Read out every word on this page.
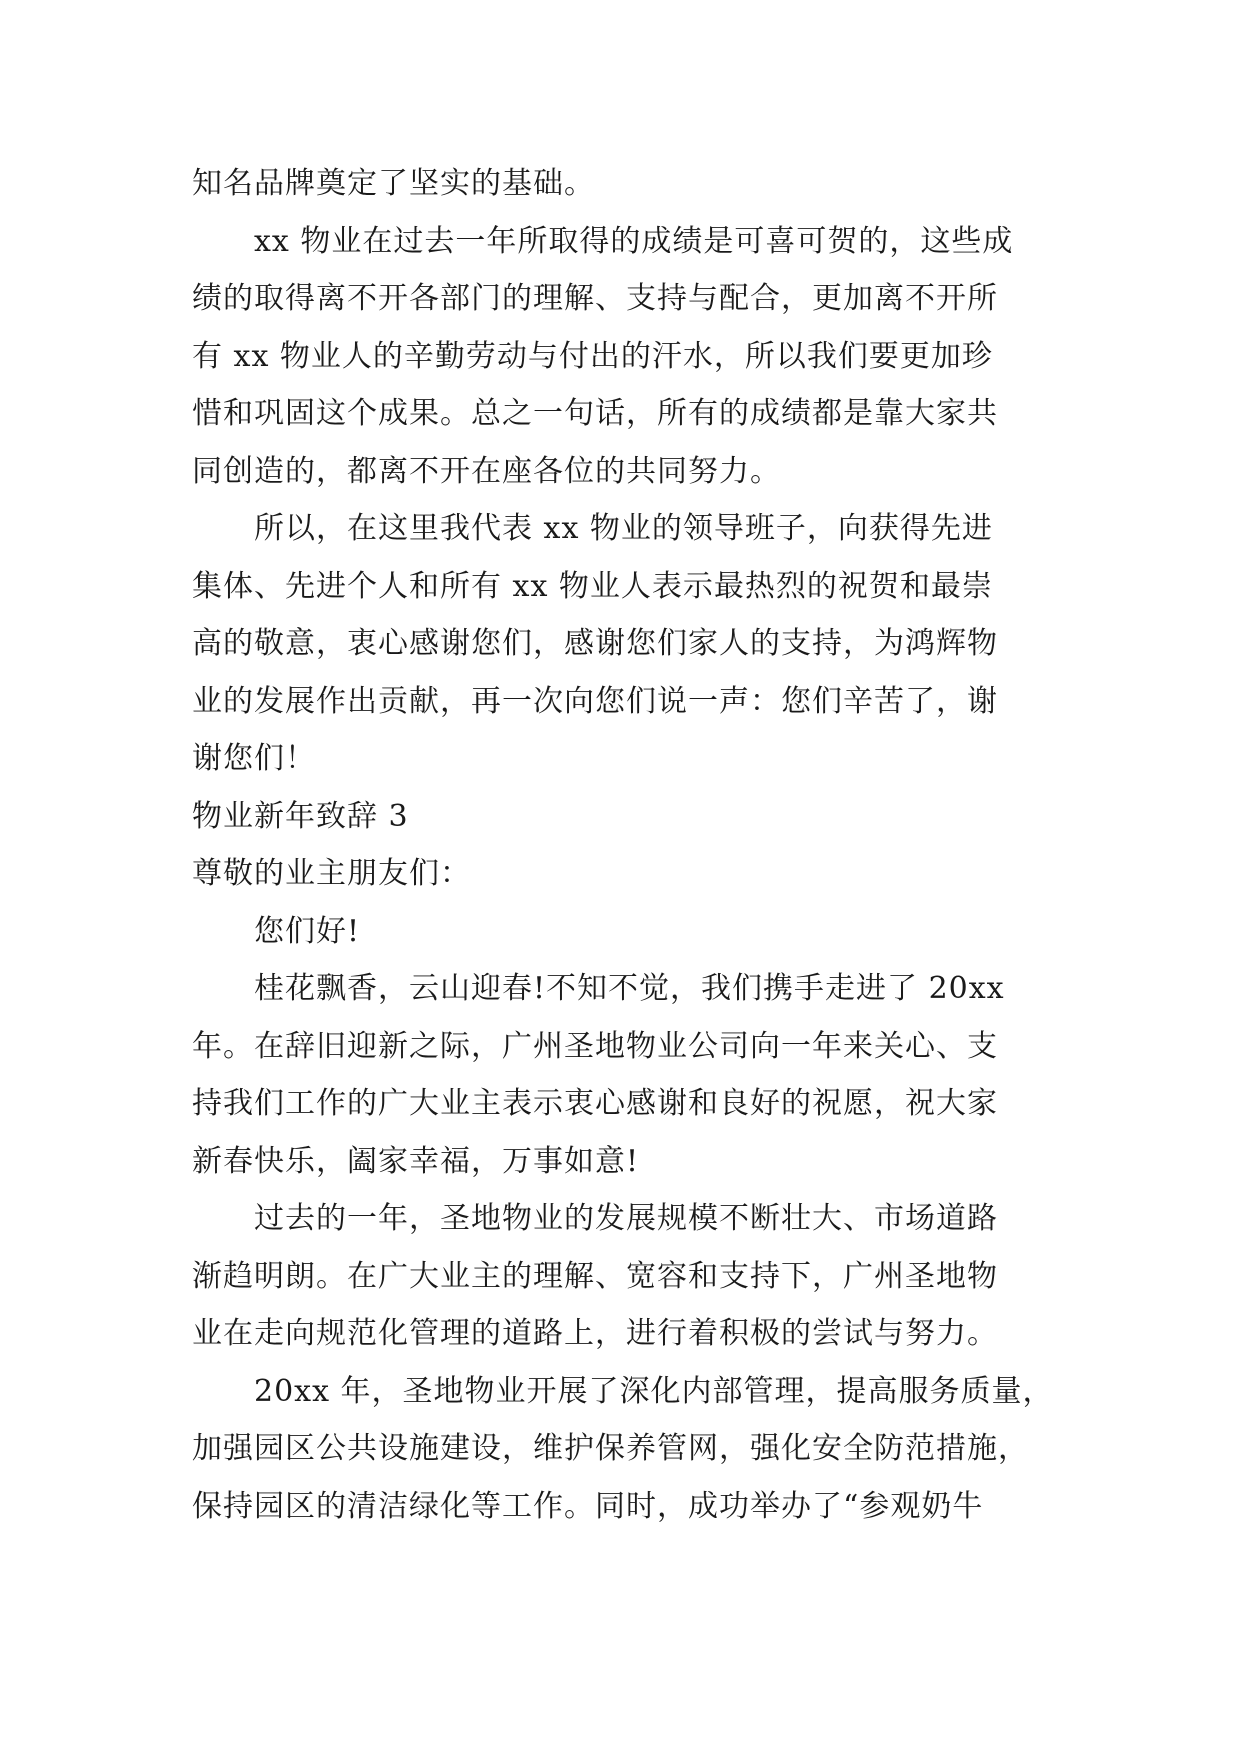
知名品牌奠定了坚实的基础。
xx 物业在过去一年所取得的成绩是可喜可贺的，这些成
绩的取得离不开各部门的理解、支持与配合，更加离不开所
有 xx 物业人的辛勤劳动与付出的汗水，所以我们要更加珍
惜和巩固这个成果。总之一句话，所有的成绩都是靠大家共
同创造的，都离不开在座各位的共同努力。
所以，在这里我代表 xx 物业的领导班子，向获得先进
集体、先进个人和所有 xx 物业人表示最热烈的祝贺和最崇
高的敬意，衷心感谢您们，感谢您们家人的支持，为鸿辉物
业的发展作出贡献，再一次向您们说一声：您们辛苦了，谢
谢您们！
物业新年致辞 3
尊敬的业主朋友们：
您们好!
桂花飘香，云山迎春!不知不觉，我们携手走进了 20xx
年。在辞旧迎新之际，广州圣地物业公司向一年来关心、支
持我们工作的广大业主表示衷心感谢和良好的祝愿，祝大家
新春快乐，阖家幸福，万事如意!
过去的一年，圣地物业的发展规模不断壮大、市场道路
渐趋明朗。在广大业主的理解、宽容和支持下，广州圣地物
业在走向规范化管理的道路上，进行着积极的尝试与努力。
20xx 年，圣地物业开展了深化内部管理，提高服务质量，
加强园区公共设施建设，维护保养管网，强化安全防范措施，
保持园区的清洁绿化等工作。同时，成功举办了“参观奶牛
